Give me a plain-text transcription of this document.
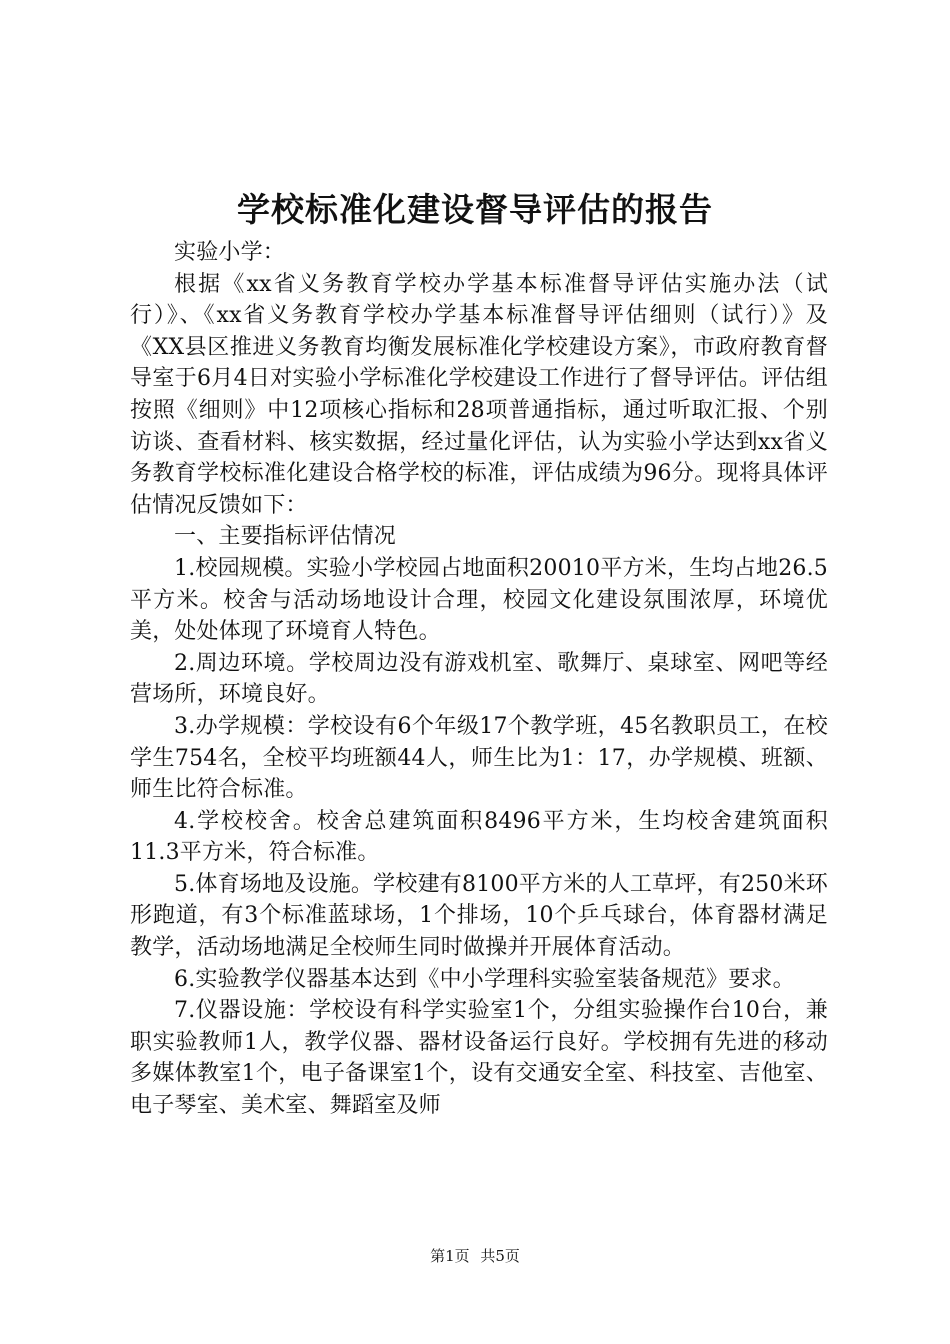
学校标准化建设督导评估的报告

实验小学：

根据《xx省义务教育学校办学基本标准督导评估实施办法（试行）》、《xx省义务教育学校办学基本标准督导评估细则（试行）》及《XX县区推进义务教育均衡发展标准化学校建设方案》，市政府教育督导室于6月4日对实验小学标准化学校建设工作进行了督导评估。评估组按照《细则》中12项核心指标和28项普通指标，通过听取汇报、个别访谈、查看材料、核实数据，经过量化评估，认为实验小学达到xx省义务教育学校标准化建设合格学校的标准，评估成绩为96分。现将具体评估情况反馈如下：

一、主要指标评估情况

1.校园规模。实验小学校园占地面积20010平方米，生均占地26.5平方米。校舍与活动场地设计合理，校园文化建设氛围浓厚，环境优美，处处体现了环境育人特色。

2.周边环境。学校周边没有游戏机室、歌舞厅、桌球室、网吧等经营场所，环境良好。

3.办学规模：学校设有6个年级17个教学班，45名教职员工，在校学生754名，全校平均班额44人，师生比为1：17，办学规模、班额、师生比符合标准。

4.学校校舍。校舍总建筑面积8496平方米，生均校舍建筑面积11.3平方米，符合标准。

5.体育场地及设施。学校建有8100平方米的人工草坪，有250米环形跑道，有3个标准蓝球场，1个排场，10个乒乓球台，体育器材满足教学，活动场地满足全校师生同时做操并开展体育活动。

6.实验教学仪器基本达到《中小学理科实验室装备规范》要求。

7.仪器设施：学校设有科学实验室1个，分组实验操作台10台，兼职实验教师1人，教学仪器、器材设备运行良好。学校拥有先进的移动多媒体教室1个，电子备课室1个，设有交通安全室、科技室、吉他室、电子琴室、美术室、舞蹈室及师

第1页 共5页
